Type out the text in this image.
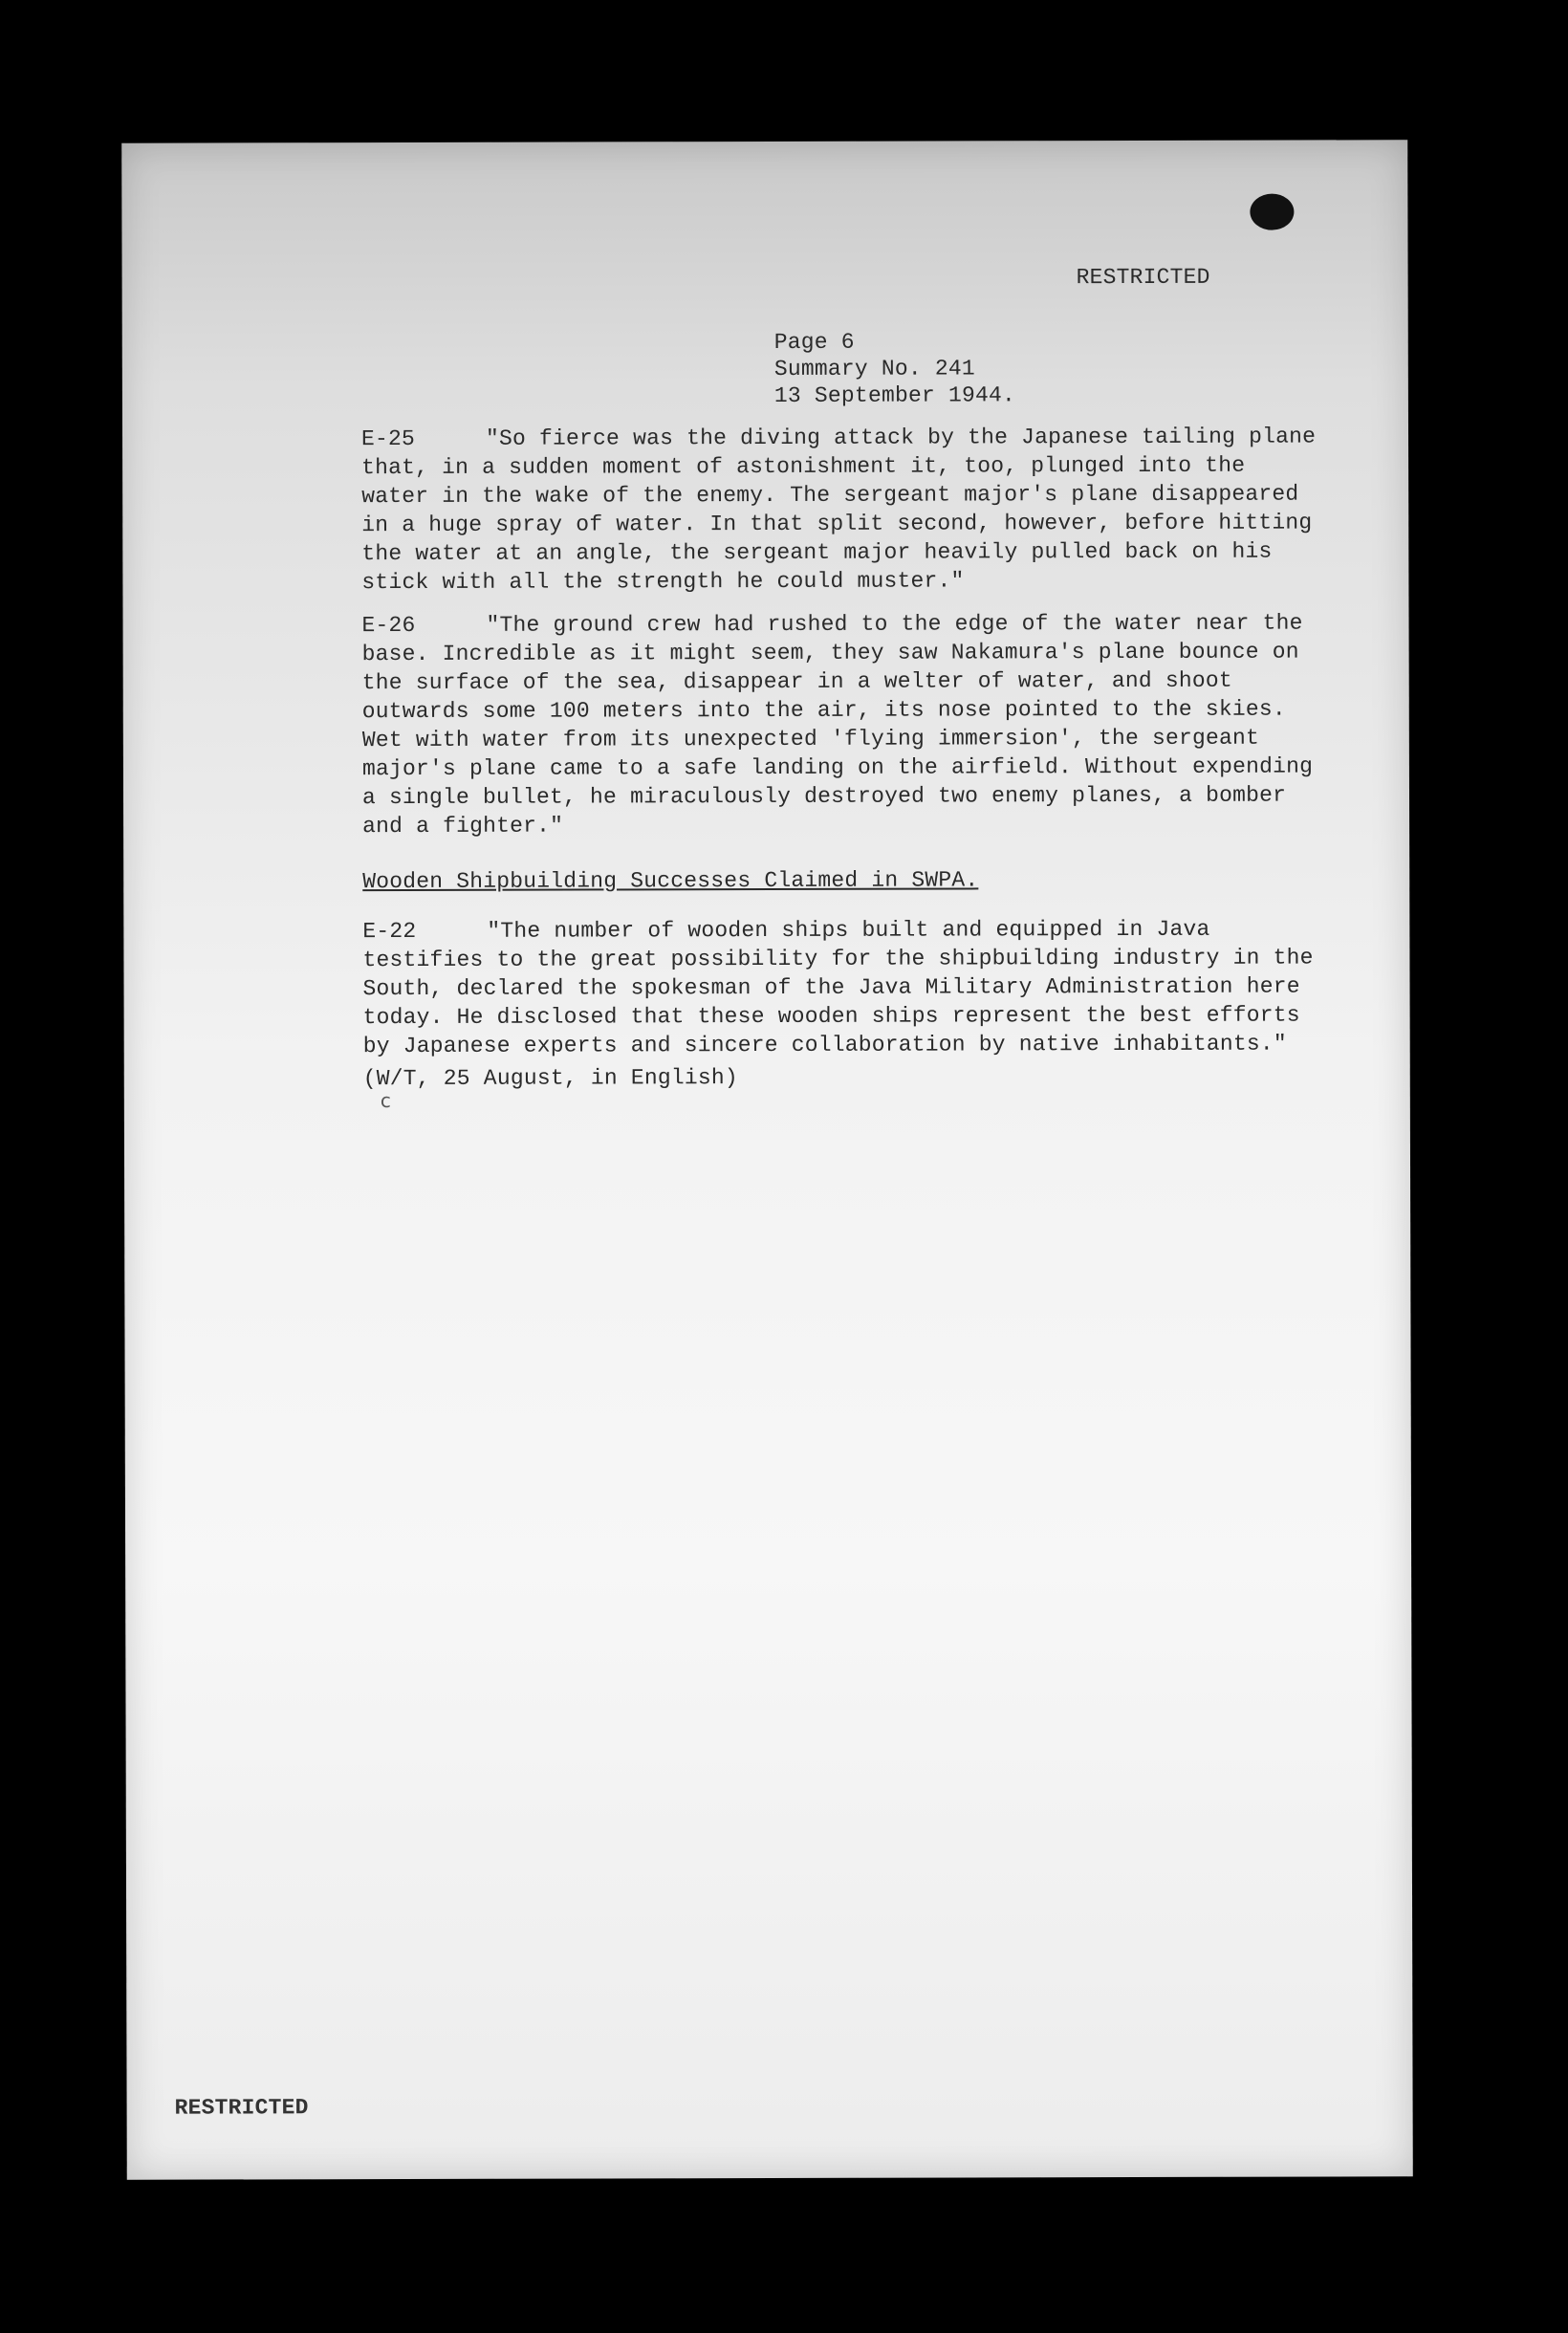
RESTRICTED
Page 6
Summary No. 241
13 September 1944.

E-25	"So fierce was the diving attack by the Japanese tailing plane that, in a sudden moment of astonishment it, too, plunged into the water in the wake of the enemy. The sergeant major's plane disappeared in a huge spray of water. In that split second, however, before hitting the water at an angle, the sergeant major heavily pulled back on his stick with all the strength he could muster."

E-26	"The ground crew had rushed to the edge of the water near the base. Incredible as it might seem, they saw Nakamura's plane bounce on the surface of the sea, disappear in a welter of water, and shoot outwards some 100 meters into the air, its nose pointed to the skies. Wet with water from its unexpected 'flying immersion', the sergeant major's plane came to a safe landing on the airfield. Without expending a single bullet, he miraculously destroyed two enemy planes, a bomber and a fighter."

Wooden Shipbuilding Successes Claimed in SWPA.

E-22	"The number of wooden ships built and equipped in Java testifies to the great possibility for the shipbuilding industry in the South, declared the spokesman of the Java Military Administration here today. He disclosed that these wooden ships represent the best efforts by Japanese experts and sincere collaboration by native inhabitants."

(W/T, 25 August, in English)
ⅽ
RESTRICTED
